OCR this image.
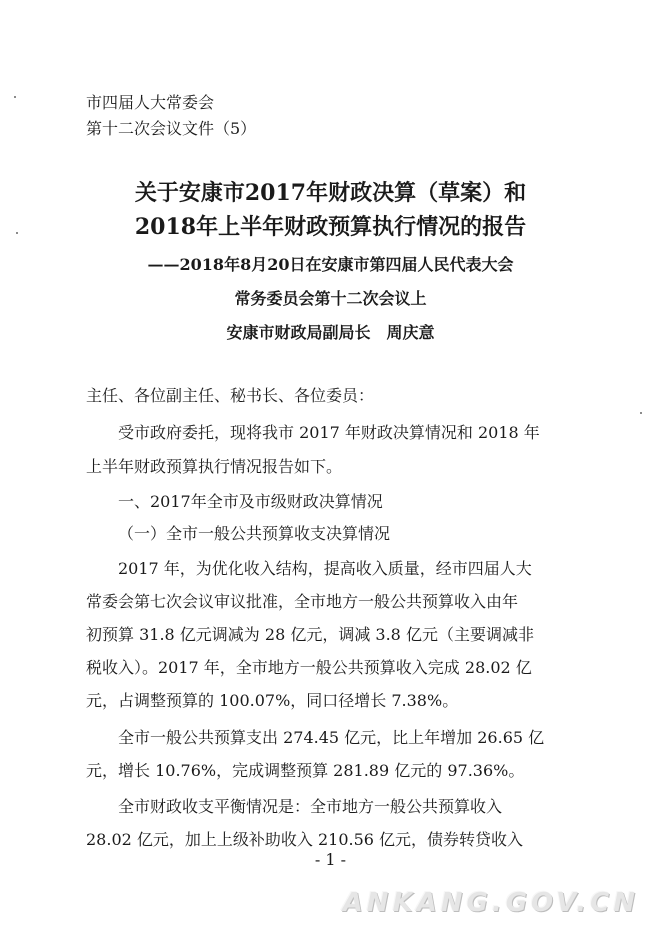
市四届人大常委会
第十二次会议文件（5）
关于安康市2017年财政决算（草案）和
2018年上半年财政预算执行情况的报告
——2018年8月20日在安康市第四届人民代表大会
常务委员会第十二次会议上
安康市财政局副局长　周庆意
主任、各位副主任、秘书长、各位委员：
受市政府委托，现将我市 2017 年财政决算情况和 2018 年
上半年财政预算执行情况报告如下。
一、2017年全市及市级财政决算情况
（一）全市一般公共预算收支决算情况
2017 年，为优化收入结构，提高收入质量，经市四届人大
常委会第七次会议审议批准，全市地方一般公共预算收入由年
初预算 31.8 亿元调减为 28 亿元，调减 3.8 亿元（主要调减非
税收入）。2017 年，全市地方一般公共预算收入完成 28.02 亿
元，占调整预算的 100.07%，同口径增长 7.38%。
全市一般公共预算支出 274.45 亿元，比上年增加 26.65 亿
元，增长 10.76%，完成调整预算 281.89 亿元的 97.36%。
全市财政收支平衡情况是：全市地方一般公共预算收入
28.02 亿元，加上上级补助收入 210.56 亿元，债券转贷收入
- 1 -
ANKANG.GOV.CN
